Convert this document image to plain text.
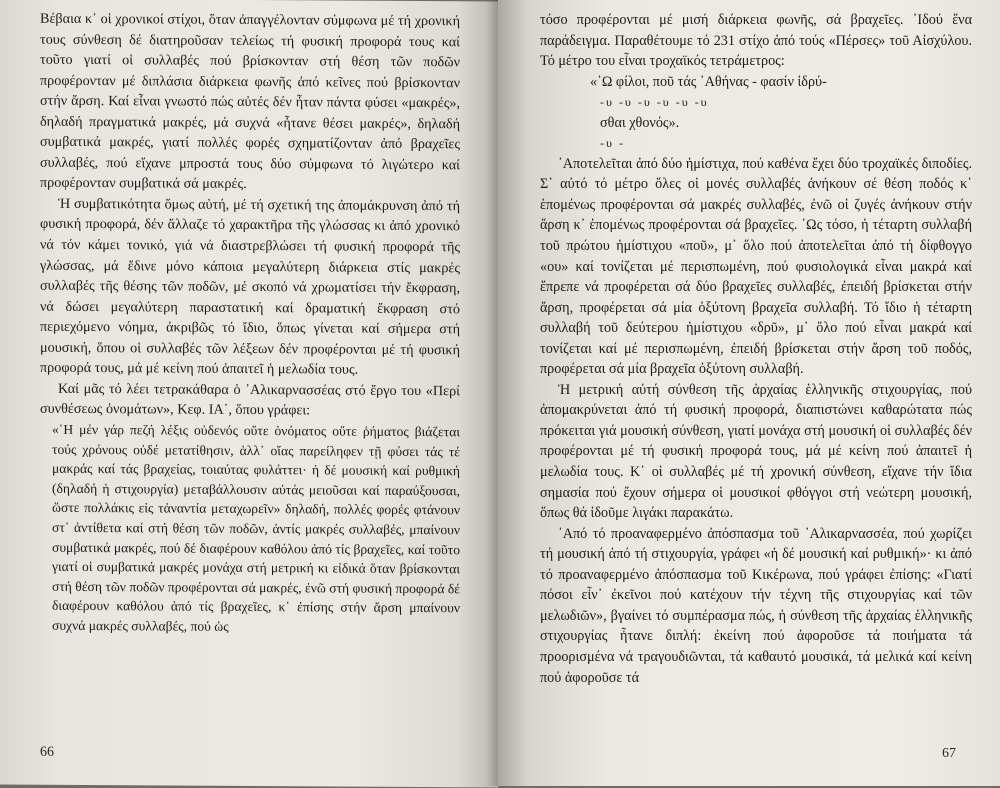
Βέβαια κ᾿ οἱ χρονικοί στίχοι, ὅταν ἀπαγγέλονταν σύμφωνα μέ τή χρονική τους σύνθεση δέ διατηροῦσαν τελείως τή φυσική προφορά τους καί τοῦτο γιατί οἱ συλλαβές πού βρίσκονταν στή θέση τῶν ποδῶν προφέρονταν μέ διπλάσια διάρκεια φωνῆς ἀπό κεῖνες πού βρίσκονταν στήν ἄρση. Καί εἶναι γνωστό πώς αὐτές δέν ἦταν πάντα φύσει «μακρές», δηλαδή πραγματικά μακρές, μά συχνά «ἦτανε θέσει μακρές», δηλαδή συμβατικά μακρές, γιατί πολλές φορές σχηματίζονταν ἀπό βραχεῖες συλλαβές, πού εἴχανε μπροστά τους δύο σύμφωνα τό λιγώτερο καί προφέρονταν συμβατικά σά μακρές.

Ἡ συμβατικότητα ὅμως αὐτή, μέ τή σχετική της ἀπομάκρυνση ἀπό τή φυσική προφορά, δέν ἄλλαζε τό χαρακτῆρα τῆς γλώσσας κι ἀπό χρονικό νά τόν κάμει τονικό, γιά νά διαστρεβλώσει τή φυσική προφορά τῆς γλώσσας, μά ἔδινε μόνο κάποια μεγαλύτερη διάρκεια στίς μακρές συλλαβές τῆς θέσης τῶν ποδῶν, μέ σκοπό νά χρωματίσει τήν ἔκφραση, νά δώσει μεγαλύτερη παραστατική καί δραματική ἔκφραση στό περιεχόμενο νόημα, ἀκριβῶς τό ἴδιο, ὅπως γίνεται καί σήμερα στή μουσική, ὅπου οἱ συλλαβές τῶν λέξεων δέν προφέρονται μέ τή φυσική προφορά τους, μά μέ κείνη πού ἀπαιτεῖ ἡ μελωδία τους.

Καί μᾶς τό λέει τετρακάθαρα ὁ ᾿Αλικαρνασσέας στό ἔργο του «Περί συνθέσεως ὀνομάτων», Κεφ. ΙΑ΄, ὅπου γράφει:

«῾Η μέν γάρ πεζή λέξις οὐδενός οὔτε ὀνόματος οὔτε ῥήματος βιάζεται τούς χρόνους οὐδέ μετατίθησιν, ἀλλ᾿ οἵας παρείληφεν τῇ φύσει τάς τέ μακράς καί τάς βραχείας, τοιαύτας φυλάττει· ἡ δέ μουσική καί ρυθμική (δηλαδή ἡ στιχουργία) μεταβάλλουσιν αὐτάς μειοῦσαι καί παραύξουσαι, ὥστε πολλάκις εἰς τἀναντία μεταχωρεῖν» δηλαδή, πολλές φορές φτάνουν στ᾿ ἀντίθετα καί στή θέση τῶν ποδῶν, ἀντίς μακρές συλλαβές, μπαίνουν συμβατικά μακρές, πού δέ διαφέρουν καθόλου ἀπό τίς βραχεῖες, καί τοῦτο γιατί οἱ συμβατικά μακρές μονάχα στή μετρική κι εἰδικά ὅταν βρίσκονται στή θέση τῶν ποδῶν προφέρονται σά μακρές, ἐνῶ στή φυσική προφορά δέ διαφέρουν καθόλου ἀπό τίς βραχεῖες, κ᾿ ἐπίσης στήν ἄρση μπαίνουν συχνά μακρές συλλαβές, πού ὡς

66

τόσο προφέρονται μέ μισή διάρκεια φωνῆς, σά βραχεῖες. ᾿Ιδού ἕνα παράδειγμα. Παραθέτουμε τό 231 στίχο ἀπό τούς «Πέρσες» τοῦ Αἰσχύλου. Τό μέτρο του εἶναι τροχαϊκός τετράμετρος:

«᾿Ω φίλοι, ποῦ τάς ᾿Αθήνας - φασίν ἱδρύ-
-υ -υ -υ -υ -υ -υ
σθαι χθονός».
-υ -

᾿Αποτελεῖται ἀπό δύο ἡμίστιχα, πού καθένα ἔχει δύο τροχαϊκές διποδίες. Σ᾿ αὐτό τό μέτρο ὅλες οἱ μονές συλλαβές ἀνήκουν σέ θέση ποδός κ᾿ ἑπομένως προφέρονται σά μακρές συλλαβές, ἐνῶ οἱ ζυγές ἀνήκουν στήν ἄρση κ᾿ ἑπομένως προφέρονται σά βραχεῖες. ῾Ως τόσο, ἡ τέταρτη συλλαβή τοῦ πρώτου ἡμίστιχου «ποῦ», μ᾿ ὅλο πού ἀποτελεῖται ἀπό τή δίφθογγο «ου» καί τονίζεται μέ περισπωμένη, πού φυσιολογικά εἶναι μακρά καί ἔπρεπε νά προφέρεται σά δύο βραχεῖες συλλαβές, ἐπειδή βρίσκεται στήν ἄρση, προφέρεται σά μία ὀξύτονη βραχεῖα συλλαβή. Τό ἴδιο ἡ τέταρτη συλλαβή τοῦ δεύτερου ἡμίστιχου «δρῦ», μ᾿ ὅλο πού εἶναι μακρά καί τονίζεται καί μέ περισπωμένη, ἐπειδή βρίσκεται στήν ἄρση τοῦ ποδός, προφέρεται σά μία βραχεῖα ὀξύτονη συλλαβή.

Ἡ μετρική αὐτή σύνθεση τῆς ἀρχαίας ἑλληνικῆς στιχουργίας, πού ἀπομακρύνεται ἀπό τή φυσική προφορά, διαπιστώνει καθαρώτατα πώς πρόκειται γιά μουσική σύνθεση, γιατί μονάχα στή μουσική οἱ συλλαβές δέν προφέρονται μέ τή φυσική προφορά τους, μά μέ κείνη πού ἀπαιτεῖ ἡ μελωδία τους. Κ᾿ οἱ συλλαβές μέ τή χρονική σύνθεση, εἴχανε τήν ἴδια σημασία πού ἔχουν σήμερα οἱ μουσικοί φθόγγοι στή νεώτερη μουσική, ὅπως θά ἰδοῦμε λιγάκι παρακάτω.

᾿Από τό προαναφερμένο ἀπόσπασμα τοῦ ᾿Αλικαρνασσέα, πού χωρίζει τή μουσική ἀπό τή στιχουργία, γράφει «ἡ δέ μουσική καί ρυθμική»· κι ἀπό τό προαναφερμένο ἀπόσπασμα τοῦ Κικέρωνα, πού γράφει ἐπίσης: «Γιατί πόσοι εἶν᾿ ἐκεῖνοι πού κατέχουν τήν τέχνη τῆς στιχουργίας καί τῶν μελωδιῶν», βγαίνει τό συμπέρασμα πώς, ἡ σύνθεση τῆς ἀρχαίας ἑλληνικῆς στιχουργίας ἦτανε διπλή: ἐκείνη πού ἀφοροῦσε τά ποιήματα τά προορισμένα νά τραγουδιῶνται, τά καθαυτό μουσικά, τά μελικά καί κείνη πού ἀφοροῦσε τά

67
